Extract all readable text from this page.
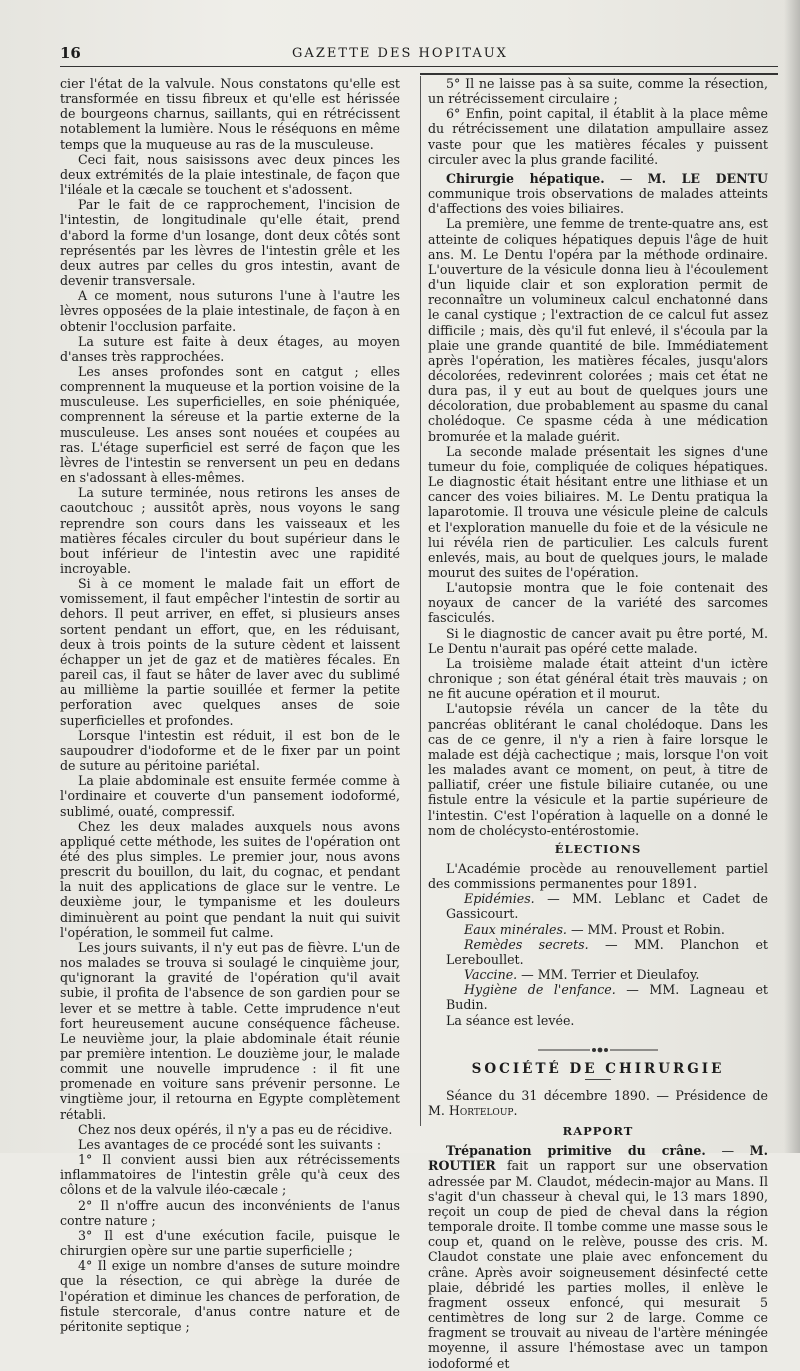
16	GAZETTE DES HOPITAUX

cier l'état de la valvule. Nous constatons qu'elle est transformée en tissu fibreux et qu'elle est hérissée de bourgeons charnus, saillants, qui en rétrécissent notablement la lumière. Nous le réséquons en même temps que la muqueuse au ras de la musculeuse.

Ceci fait, nous saisissons avec deux pinces les deux extrémités de la plaie intestinale, de façon que l'iléale et la cæcale se touchent et s'adossent.

Par le fait de ce rapprochement, l'incision de l'intestin, de longitudinale qu'elle était, prend d'abord la forme d'un losange, dont deux côtés sont représentés par les lèvres de l'intestin grêle et les deux autres par celles du gros intestin, avant de devenir transversale.

A ce moment, nous suturons l'une à l'autre les lèvres opposées de la plaie intestinale, de façon à en obtenir l'occlusion parfaite.

La suture est faite à deux étages, au moyen d'anses très rapprochées.

Les anses profondes sont en catgut ; elles comprennent la muqueuse et la portion voisine de la musculeuse. Les superficielles, en soie phéniquée, comprennent la séreuse et la partie externe de la musculeuse. Les anses sont nouées et coupées au ras. L'étage superficiel est serré de façon que les lèvres de l'intestin se renversent un peu en dedans en s'adossant à elles-mêmes.

La suture terminée, nous retirons les anses de caoutchouc ; aussitôt après, nous voyons le sang reprendre son cours dans les vaisseaux et les matières fécales circuler du bout supérieur dans le bout inférieur de l'intestin avec une rapidité incroyable.

Si à ce moment le malade fait un effort de vomissement, il faut empêcher l'intestin de sortir au dehors. Il peut arriver, en effet, si plusieurs anses sortent pendant un effort, que, en les réduisant, deux à trois points de la suture cèdent et laissent échapper un jet de gaz et de matières fécales. En pareil cas, il faut se hâter de laver avec du sublimé au millième la partie souillée et fermer la petite perforation avec quelques anses de soie superficielles et profondes.

Lorsque l'intestin est réduit, il est bon de le saupoudrer d'iodoforme et de le fixer par un point de suture au péritoine pariétal.

La plaie abdominale est ensuite fermée comme à l'ordinaire et couverte d'un pansement iodoformé, sublimé, ouaté, compressif.

Chez les deux malades auxquels nous avons appliqué cette méthode, les suites de l'opération ont été des plus simples. Le premier jour, nous avons prescrit du bouillon, du lait, du cognac, et pendant la nuit des applications de glace sur le ventre. Le deuxième jour, le tympanisme et les douleurs diminuèrent au point que pendant la nuit qui suivit l'opération, le sommeil fut calme.

Les jours suivants, il n'y eut pas de fièvre. L'un de nos malades se trouva si soulagé le cinquième jour, qu'ignorant la gravité de l'opération qu'il avait subie, il profita de l'absence de son gardien pour se lever et se mettre à table. Cette imprudence n'eut fort heureusement aucune conséquence fâcheuse. Le neuvième jour, la plaie abdominale était réunie par première intention. Le douzième jour, le malade commit une nouvelle imprudence : il fit une promenade en voiture sans prévenir personne. Le vingtième jour, il retourna en Egypte complètement rétabli.

Chez nos deux opérés, il n'y a pas eu de récidive.

Les avantages de ce procédé sont les suivants :

1° Il convient aussi bien aux rétrécissements inflammatoires de l'intestin grêle qu'à ceux des côlons et de la valvule iléo-cæcale ;

2° Il n'offre aucun des inconvénients de l'anus contre nature ;

3° Il est d'une exécution facile, puisque le chirurgien opère sur une partie superficielle ;

4° Il exige un nombre d'anses de suture moindre que la résection, ce qui abrège la durée de l'opération et diminue les chances de perforation, de fistule stercorale, d'anus contre nature et de péritonite septique ;

5° Il ne laisse pas à sa suite, comme la résection, un rétrécissement circulaire ;

6° Enfin, point capital, il établit à la place même du rétrécissement une dilatation ampullaire assez vaste pour que les matières fécales y puissent circuler avec la plus grande facilité.

Chirurgie hépatique. — M. LE DENTU communique trois observations de malades atteints d'affections des voies biliaires.

La première, une femme de trente-quatre ans, est atteinte de coliques hépatiques depuis l'âge de huit ans. M. Le Dentu l'opéra par la méthode ordinaire. L'ouverture de la vésicule donna lieu à l'écoulement d'un liquide clair et son exploration permit de reconnaître un volumineux calcul enchatonné dans le canal cystique ; l'extraction de ce calcul fut assez difficile ; mais, dès qu'il fut enlevé, il s'écoula par la plaie une grande quantité de bile. Immédiatement après l'opération, les matières fécales, jusqu'alors décolorées, redevinrent colorées ; mais cet état ne dura pas, il y eut au bout de quelques jours une décoloration, due probablement au spasme du canal cholédoque. Ce spasme céda à une médication bromurée et la malade guérit.

La seconde malade présentait les signes d'une tumeur du foie, compliquée de coliques hépatiques. Le diagnostic était hésitant entre une lithiase et un cancer des voies biliaires. M. Le Dentu pratiqua la laparotomie. Il trouva une vésicule pleine de calculs et l'exploration manuelle du foie et de la vésicule ne lui révéla rien de particulier. Les calculs furent enlevés, mais, au bout de quelques jours, le malade mourut des suites de l'opération.

L'autopsie montra que le foie contenait des noyaux de cancer de la variété des sarcomes fasciculés.

Si le diagnostic de cancer avait pu être porté, M. Le Dentu n'aurait pas opéré cette malade.

La troisième malade était atteint d'un ictère chronique ; son état général était très mauvais ; on ne fit aucune opération et il mourut.

L'autopsie révéla un cancer de la tête du pancréas oblitérant le canal cholédoque. Dans les cas de ce genre, il n'y a rien à faire lorsque le malade est déjà cachectique ; mais, lorsque l'on voit les malades avant ce moment, on peut, à titre de palliatif, créer une fistule biliaire cutanée, ou une fistule entre la vésicule et la partie supérieure de l'intestin. C'est l'opération à laquelle on a donné le nom de cholécysto-entérostomie.

ÉLECTIONS

L'Académie procède au renouvellement partiel des commissions permanentes pour 1891.

Epidémies. — MM. Leblanc et Cadet de Gassicourt.

Eaux minérales. — MM. Proust et Robin.

Remèdes secrets. — MM. Planchon et Lereboullet.

Vaccine. — MM. Terrier et Dieulafoy.

Hygiène de l'enfance. — MM. Lagneau et Budin.

La séance est levée.

SOCIÉTÉ DE CHIRURGIE

Séance du 31 décembre 1890. — Présidence de M. Horteloup.

RAPPORT

Trépanation primitive du crâne. — M. ROUTIER fait un rapport sur une observation adressée par M. Claudot, médecin-major au Mans. Il s'agit d'un chasseur à cheval qui, le 13 mars 1890, reçoit un coup de pied de cheval dans la région temporale droite. Il tombe comme une masse sous le coup et, quand on le relève, pousse des cris. M. Claudot constate une plaie avec enfoncement du crâne. Après avoir soigneusement désinfecté cette plaie, débridé les parties molles, il enlève le fragment osseux enfoncé, qui mesurait 5 centimètres de long sur 2 de large. Comme ce fragment se trouvait au niveau de l'artère méningée moyenne, il assure l'hémostase avec un tampon iodoformé et
